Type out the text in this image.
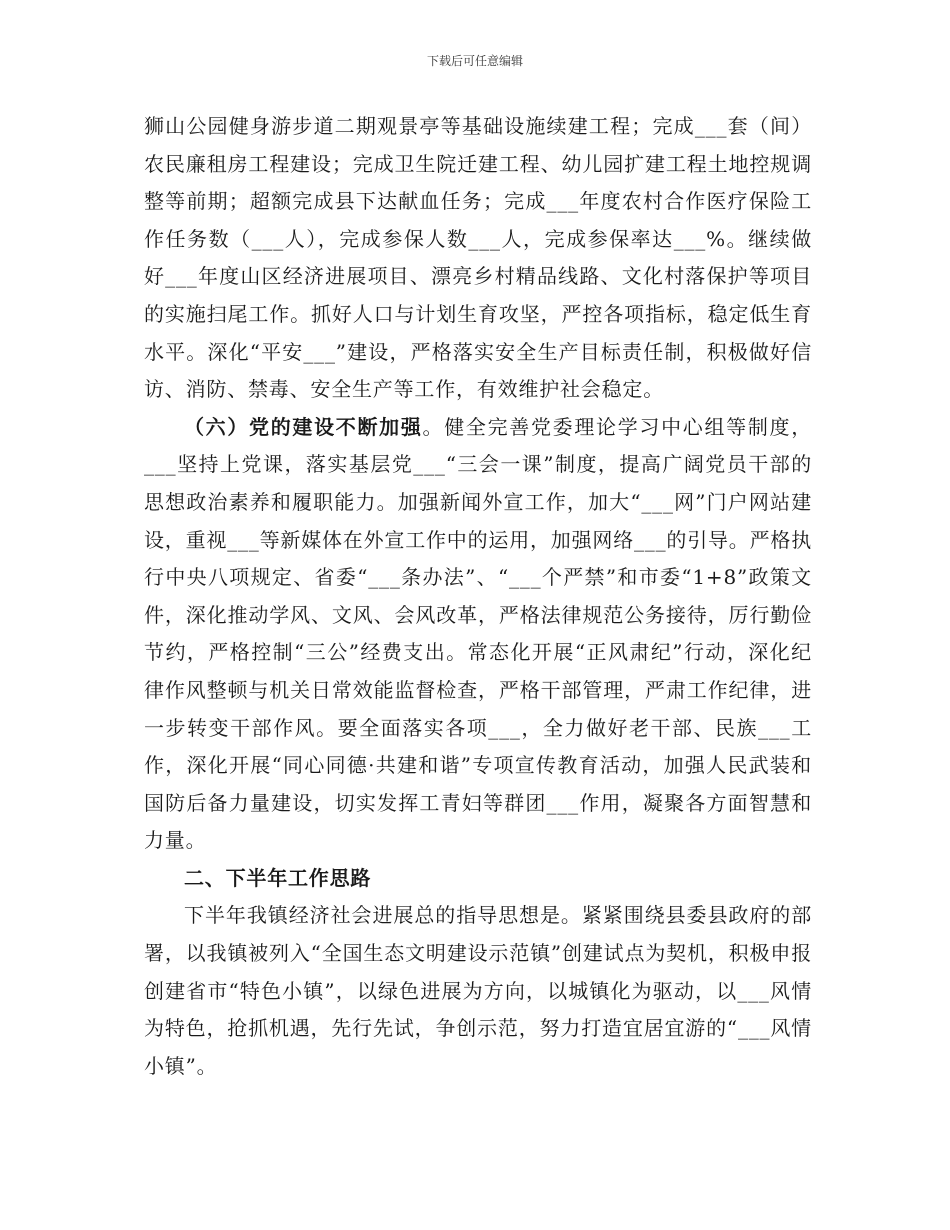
下载后可任意编辑

狮山公园健身游步道二期观景亭等基础设施续建工程；完成___套（间）农民廉租房工程建设；完成卫生院迁建工程、幼儿园扩建工程土地控规调整等前期；超额完成县下达献血任务；完成___年度农村合作医疗保险工作任务数（___人），完成参保人数___人，完成参保率达___%。继续做好___年度山区经济进展项目、漂亮乡村精品线路、文化村落保护等项目的实施扫尾工作。抓好人口与计划生育攻坚，严控各项指标，稳定低生育水平。深化“平安___”建设，严格落实安全生产目标责任制，积极做好信访、消防、禁毒、安全生产等工作，有效维护社会稳定。

（六）党的建设不断加强。健全完善党委理论学习中心组等制度，___坚持上党课，落实基层党___“三会一课”制度，提高广阔党员干部的思想政治素养和履职能力。加强新闻外宣工作，加大“___网”门户网站建设，重视___等新媒体在外宣工作中的运用，加强网络___的引导。严格执行中央八项规定、省委“___条办法”、“___个严禁”和市委“1+8”政策文件，深化推动学风、文风、会风改革，严格法律规范公务接待，厉行勤俭节约，严格控制“三公”经费支出。常态化开展“正风肃纪”行动，深化纪律作风整顿与机关日常效能监督检查，严格干部管理，严肃工作纪律，进一步转变干部作风。要全面落实各项___，全力做好老干部、民族___工作，深化开展“同心同德·共建和谐”专项宣传教育活动，加强人民武装和国防后备力量建设，切实发挥工青妇等群团___作用，凝聚各方面智慧和力量。

二、下半年工作思路

下半年我镇经济社会进展总的指导思想是。紧紧围绕县委县政府的部署，以我镇被列入“全国生态文明建设示范镇”创建试点为契机，积极申报创建省市“特色小镇”，以绿色进展为方向，以城镇化为驱动，以___风情为特色，抢抓机遇，先行先试，争创示范，努力打造宜居宜游的“___风情小镇”。
